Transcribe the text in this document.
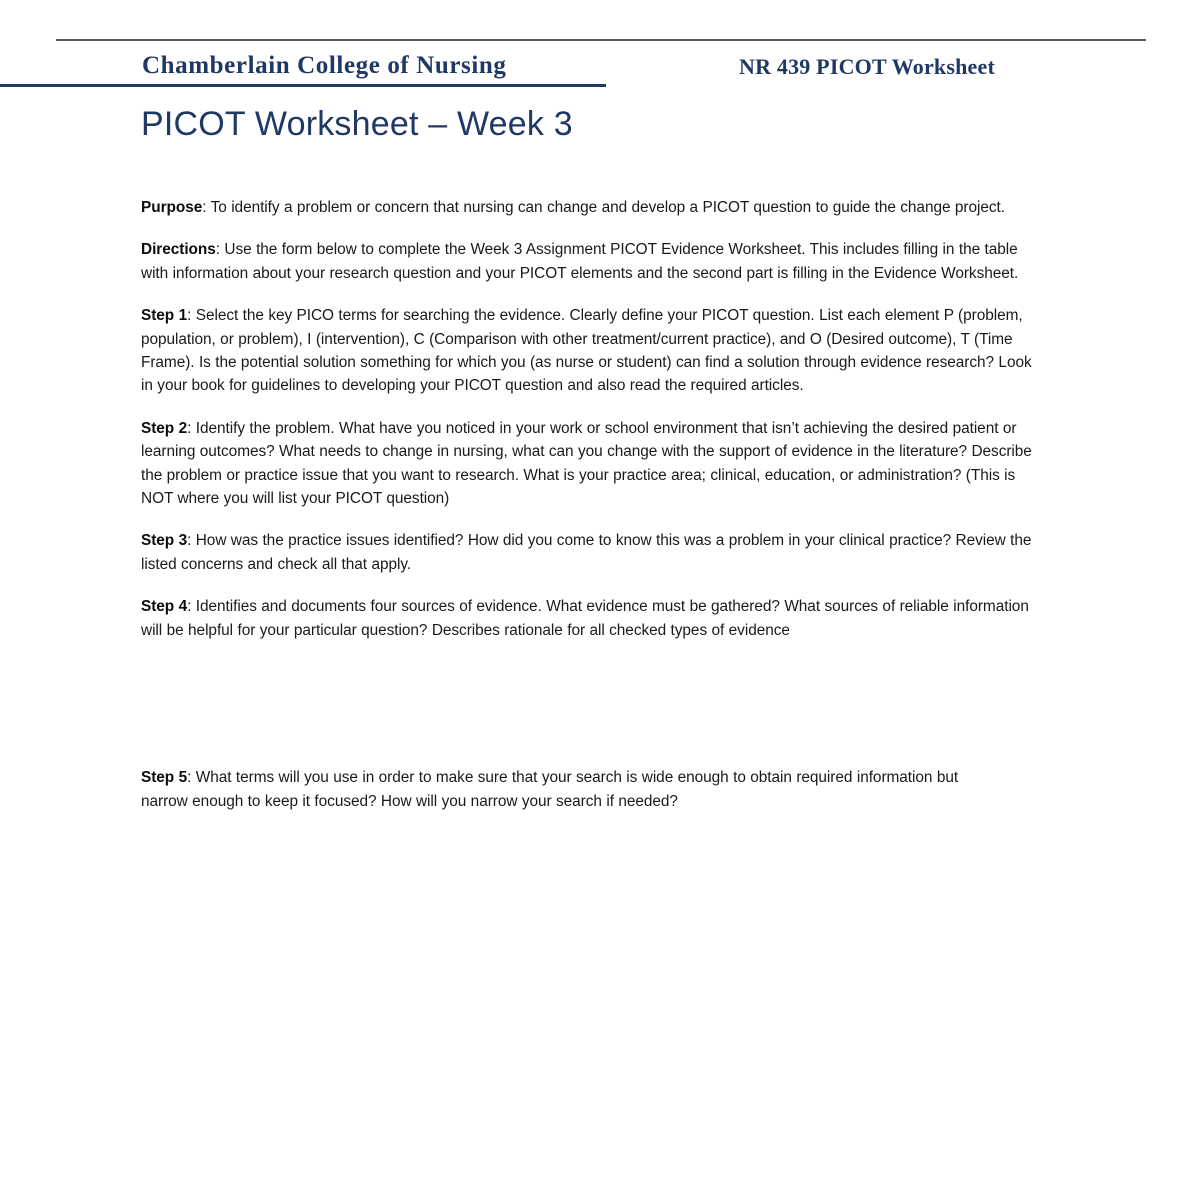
Chamberlain College of Nursing	NR 439 PICOT Worksheet
PICOT Worksheet – Week 3

Purpose: To identify a problem or concern that nursing can change and develop a PICOT question to guide the change project.

Directions: Use the form below to complete the Week 3 Assignment PICOT Evidence Worksheet. This includes filling in the table with information about your research question and your PICOT elements and the second part is filling in the Evidence Worksheet.

Step 1: Select the key PICO terms for searching the evidence. Clearly define your PICOT question. List each element P (problem, population, or problem), I (intervention), C (Comparison with other treatment/current practice), and O (Desired outcome), T (Time Frame). Is the potential solution something for which you (as nurse or student) can find a solution through evidence research? Look in your book for guidelines to developing your PICOT question and also read the required articles.

Step 2: Identify the problem. What have you noticed in your work or school environment that isn’t achieving the desired patient or learning outcomes? What needs to change in nursing, what can you change with the support of evidence in the literature? Describe the problem or practice issue that you want to research. What is your practice area; clinical, education, or administration? (This is NOT where you will list your PICOT question)

Step 3: How was the practice issues identified? How did you come to know this was a problem in your clinical practice? Review the listed concerns and check all that apply.

Step 4: Identifies and documents four sources of evidence. What evidence must be gathered? What sources of reliable information will be helpful for your particular question? Describes rationale for all checked types of evidence

Step 5: What terms will you use in order to make sure that your search is wide enough to obtain required information but narrow enough to keep it focused? How will you narrow your search if needed?
